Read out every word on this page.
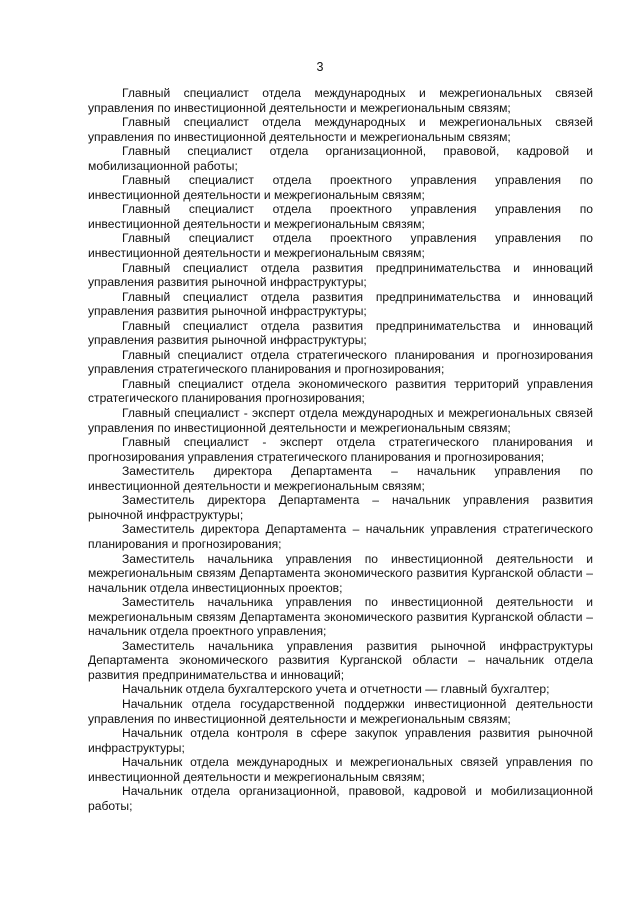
3

Главный специалист отдела международных и межрегиональных связей управления по инвестиционной деятельности и межрегиональным связям;

Главный специалист отдела международных и межрегиональных связей управления по инвестиционной деятельности и межрегиональным связям;

Главный специалист отдела организационной, правовой, кадровой и мобилизационной работы;

Главный специалист отдела проектного управления управления по инвестиционной деятельности и межрегиональным связям;

Главный специалист отдела проектного управления управления по инвестиционной деятельности и межрегиональным связям;

Главный специалист отдела проектного управления управления по инвестиционной деятельности и межрегиональным связям;

Главный специалист отдела развития предпринимательства и инноваций управления развития рыночной инфраструктуры;

Главный специалист отдела развития предпринимательства и инноваций управления развития рыночной инфраструктуры;

Главный специалист отдела развития предпринимательства и инноваций управления развития рыночной инфраструктуры;

Главный специалист отдела стратегического планирования и прогнозирования управления стратегического планирования и прогнозирования;

Главный специалист отдела экономического развития территорий управления стратегического планирования прогнозирования;

Главный специалист - эксперт отдела международных и межрегиональных связей управления по инвестиционной деятельности и межрегиональным связям;

Главный специалист - эксперт отдела стратегического планирования и прогнозирования управления стратегического планирования и прогнозирования;

Заместитель директора Департамента – начальник управления по инвестиционной деятельности и межрегиональным связям;

Заместитель директора Департамента – начальник управления развития рыночной инфраструктуры;

Заместитель директора Департамента – начальник управления стратегического планирования и прогнозирования;

Заместитель начальника управления по инвестиционной деятельности и межрегиональным связям Департамента экономического развития Курганской области – начальник отдела инвестиционных проектов;

Заместитель начальника управления по инвестиционной деятельности и межрегиональным связям Департамента экономического развития Курганской области – начальник отдела проектного управления;

Заместитель начальника управления развития рыночной инфраструктуры Департамента экономического развития Курганской области – начальник отдела развития предпринимательства и инноваций;

Начальник отдела бухгалтерского учета и отчетности — главный бухгалтер;

Начальник отдела государственной поддержки инвестиционной деятельности управления по инвестиционной деятельности и межрегиональным связям;

Начальник отдела контроля в сфере закупок управления развития рыночной инфраструктуры;

Начальник отдела международных и межрегиональных связей управления по инвестиционной деятельности и межрегиональным связям;

Начальник отдела организационной, правовой, кадровой и мобилизационной работы;
